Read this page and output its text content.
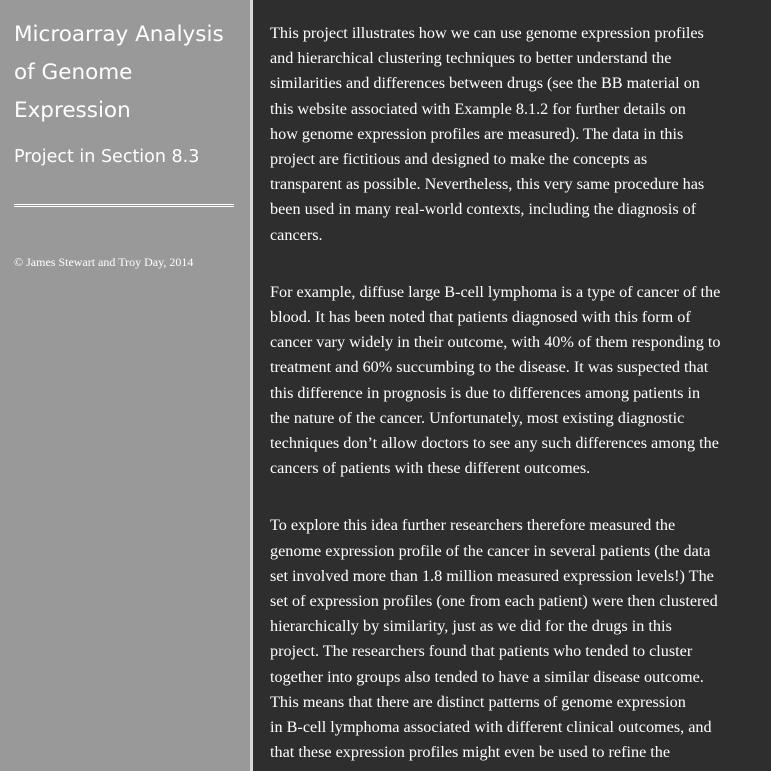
Microarray Analysis of Genome Expression
Project in Section 8.3

© James Stewart and Troy Day, 2014

This project illustrates how we can use genome expression profiles
and hierarchical clustering techniques to better understand the
similarities and differences between drugs (see the BB material on
this website associated with Example 8.1.2 for further details on
how genome expression profiles are measured). The data in this
project are fictitious and designed to make the concepts as
transparent as possible. Nevertheless, this very same procedure has
been used in many real-world contexts, including the diagnosis of
cancers.

For example, diffuse large B-cell lymphoma is a type of cancer of the
blood. It has been noted that patients diagnosed with this form of
cancer vary widely in their outcome, with 40% of them responding to
treatment and 60% succumbing to the disease. It was suspected that
this difference in prognosis is due to differences among patients in
the nature of the cancer. Unfortunately, most existing diagnostic
techniques don’t allow doctors to see any such differences among the
cancers of patients with these different outcomes.

To explore this idea further researchers therefore measured the
genome expression profile of the cancer in several patients (the data
set involved more than 1.8 million measured expression levels!) The
set of expression profiles (one from each patient) were then clustered
hierarchically by similarity, just as we did for the drugs in this
project. The researchers found that patients who tended to cluster
together into groups also tended to have a similar disease outcome.
This means that there are distinct patterns of genome expression
in B-cell lymphoma associated with different clinical outcomes, and
that these expression profiles might even be used to refine the
